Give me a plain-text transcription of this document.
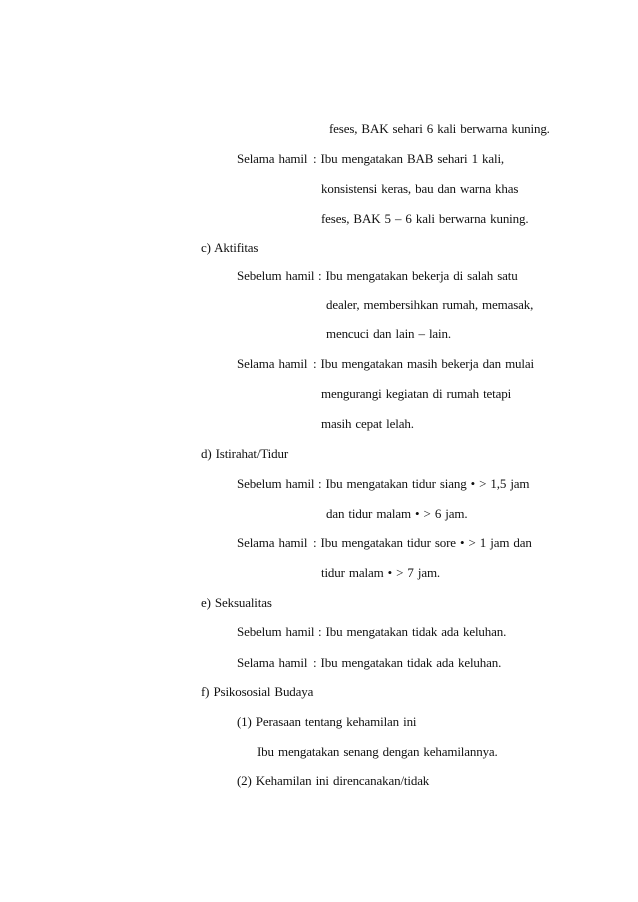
feses, BAK sehari 6 kali berwarna kuning.
Selama hamil : Ibu mengatakan BAB sehari 1 kali,
konsistensi keras, bau dan warna khas
feses, BAK 5 – 6 kali berwarna kuning.
c) Aktifitas
Sebelum hamil : Ibu mengatakan bekerja di salah satu
dealer, membersihkan rumah, memasak,
mencuci dan lain – lain.
Selama hamil : Ibu mengatakan masih bekerja dan mulai
mengurangi kegiatan di rumah tetapi
masih cepat lelah.
d) Istirahat/Tidur
Sebelum hamil : Ibu mengatakan tidur siang • > 1,5 jam
dan tidur malam • > 6 jam.
Selama hamil : Ibu mengatakan tidur sore • > 1 jam dan
tidur malam • > 7 jam.
e) Seksualitas
Sebelum hamil : Ibu mengatakan tidak ada keluhan.
Selama hamil : Ibu mengatakan tidak ada keluhan.
f) Psikososial Budaya
(1) Perasaan tentang kehamilan ini
Ibu mengatakan senang dengan kehamilannya.
(2) Kehamilan ini direncanakan/tidak
